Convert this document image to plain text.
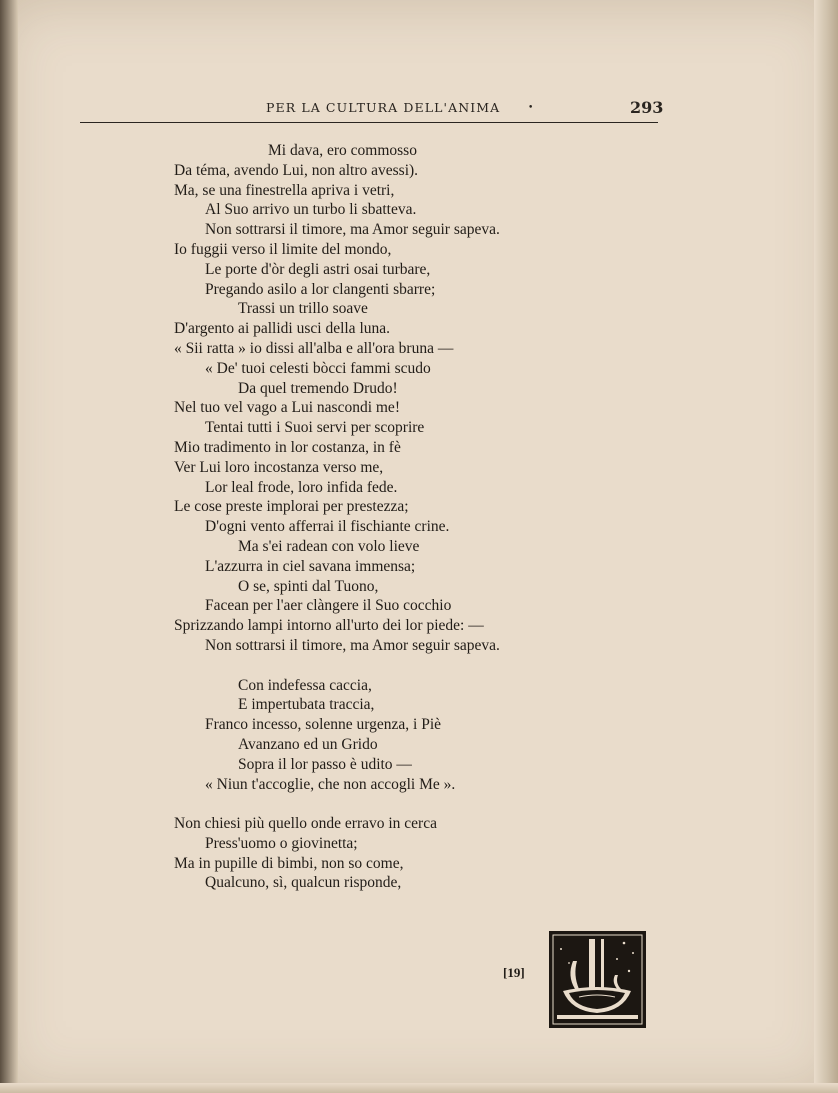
PER LA CULTURA DELL'ANIMA	•	293
Mi dava, ero commosso
Da téma, avendo Lui, non altro avessi).
Ma, se una finestrella apriva i vetri,
Al Suo arrivo un turbo li sbatteva.
Non sottrarsi il timore, ma Amor seguir sapeva.
Io fuggii verso il limite del mondo,
Le porte d'òr degli astri osai turbare,
Pregando asilo a lor clangenti sbarre;
Trassi un trillo soave
D'argento ai pallidi usci della luna.
« Sii ratta » io dissi all'alba e all'ora bruna —
« De' tuoi celesti bòcci fammi scudo
Da quel tremendo Drudo!
Nel tuo vel vago a Lui nascondi me!
Tentai tutti i Suoi servi per scoprire
Mio tradimento in lor costanza, in fè
Ver Lui loro incostanza verso me,
Lor leal frode, loro infida fede.
Le cose preste implorai per prestezza;
D'ogni vento afferrai il fischiante crine.
Ma s'ei radean con volo lieve
L'azzurra in ciel savana immensa;
O se, spinti dal Tuono,
Facean per l'aer clàngere il Suo cocchio
Sprizzando lampi intorno all'urto dei lor piede: —
Non sottrarsi il timore, ma Amor seguir sapeva.
Con indefessa caccia,
E impertubata traccia,
Franco incesso, solenne urgenza, i Piè
Avanzano ed un Grido
Sopra il lor passo è udito —
« Niun t'accoglie, che non accogli Me ».
Non chiesi più quello onde erravo in cerca
Press'uomo o giovinetta;
Ma in pupille di bimbi, non so come,
Qualcuno, sì, qualcun risponde,
[19]
